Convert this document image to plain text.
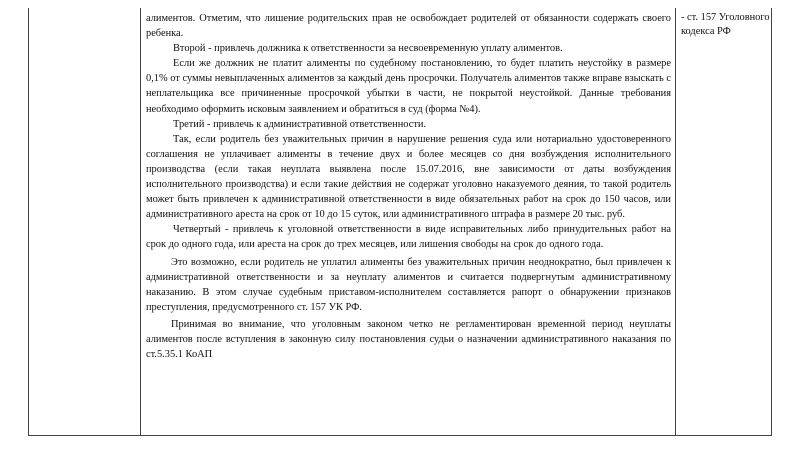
алиментов. Отметим, что лишение родительских прав не освобождает родителей от обязанности содержать своего ребенка.

Второй - привлечь должника к ответственности за несвоевременную уплату алиментов.

Если же должник не платит алименты по судебному постановлению, то будет платить неустойку в размере 0,1% от суммы невыплаченных алиментов за каждый день просрочки. Получатель алиментов также вправе взыскать с неплательщика все причиненные просрочкой убытки в части, не покрытой неустойкой. Данные требования необходимо оформить исковым заявлением и обратиться в суд (форма №4).

Третий - привлечь к административной ответственности.

Так, если родитель без уважительных причин в нарушение решения суда или нотариально удостоверенного соглашения не уплачивает алименты в течение двух и более месяцев со дня возбуждения исполнительного производства (если такая неуплата выявлена после 15.07.2016, вне зависимости от даты возбуждения исполнительного производства) и если такие действия не содержат уголовно наказуемого деяния, то такой родитель может быть привлечен к административной ответственности в виде обязательных работ на срок до 150 часов, или административного ареста на срок от 10 до 15 суток, или административного штрафа в размере 20 тыс. руб.

Четвертый - привлечь к уголовной ответственности в виде исправительных либо принудительных работ на срок до одного года, или ареста на срок до трех месяцев, или лишения свободы на срок до одного года.

Это возможно, если родитель не уплатил алименты без уважительных причин неоднократно, был привлечен к административной ответственности и за неуплату алиментов и считается подвергнутым административному наказанию. В этом случае судебным приставом-исполнителем составляется рапорт о обнаружении признаков преступления, предусмотренного ст. 157 УК РФ.

Принимая во внимание, что уголовным законом четко не регламентирован временной период неуплаты алиментов после вступления в законную силу постановления судьи о назначении административного наказания по ст.5.35.1 КоАП

- ст. 157 Уголовного кодекса РФ
